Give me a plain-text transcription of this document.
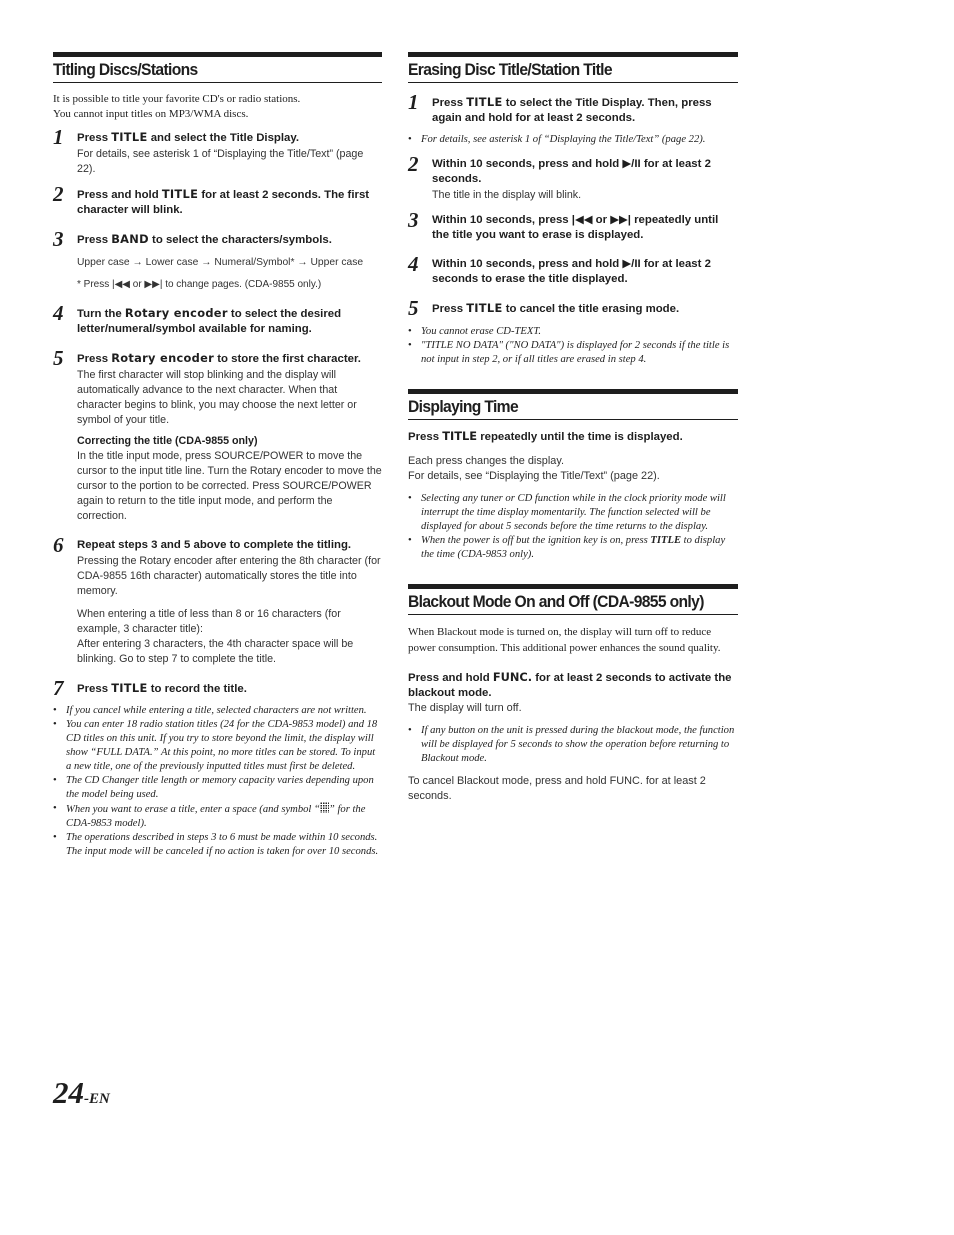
Titling Discs/Stations

It is possible to title your favorite CD's or radio stations.
You cannot input titles on MP3/WMA discs.

1 Press TITLE and select the Title Display.

For details, see asterisk 1 of “Displaying the Title/Text” (page 22).

2 Press and hold TITLE for at least 2 seconds. The first character will blink.
3 Press BAND to select the characters/symbols.

Upper case → Lower case → Numeral/Symbol* → Upper case

* Press |◀◀ or ▶▶| to change pages. (CDA-9855 only.)
4 Turn the Rotary encoder to select the desired letter/numeral/symbol available for naming.
5 Press Rotary encoder to store the first character.

The first character will stop blinking and the display will automatically advance to the next character. When that character begins to blink, you may choose the next letter or symbol of your title.

Correcting the title (CDA-9855 only)

In the title input mode, press SOURCE/POWER to move the cursor to the input title line. Turn the Rotary encoder to move the cursor to the portion to be corrected. Press SOURCE/POWER again to return to the title input mode, and perform the correction.

6 Repeat steps 3 and 5 above to complete the titling.

Pressing the Rotary encoder after entering the 8th character (for CDA-9855 16th character) automatically stores the title into memory.

When entering a title of less than 8 or 16 characters (for example, 3 character title):
After entering 3 characters, the 4th character space will be blinking. Go to step 7 to complete the title.

7 Press TITLE to record the title.
• If you cancel while entering a title, selected characters are not written.
• You can enter 18 radio station titles (24 for the CDA-9853 model) and 18 CD titles on this unit. If you try to store beyond the limit, the display will show “FULL DATA.” At this point, no more titles can be stored. To input a new title, one of the previously inputted titles must first be deleted.
• The CD Changer title length or memory capacity varies depending upon the model being used.
• When you want to erase a title, enter a space (and symbol “ ” for the CDA-9853 model).
• The operations described in steps 3 to 6 must be made within 10 seconds. The input mode will be canceled if no action is taken for over 10 seconds.
Erasing Disc Title/Station Title
1 Press TITLE to select the Title Display. Then, press again and hold for at least 2 seconds.
• For details, see asterisk 1 of “Displaying the Title/Text” (page 22).
2 Within 10 seconds, press and hold ▶/II for at least 2 seconds.

The title in the display will blink.

3 Within 10 seconds, press |◀◀ or ▶▶| repeatedly until the title you want to erase is displayed.
4 Within 10 seconds, press and hold ▶/II for at least 2 seconds to erase the title displayed.
5 Press TITLE to cancel the title erasing mode.
• You cannot erase CD-TEXT.
• "TITLE NO DATA" ("NO DATA") is displayed for 2 seconds if the title is not input in step 2, or if all titles are erased in step 4.
Displaying Time

Press TITLE repeatedly until the time is displayed.

Each press changes the display.
For details, see “Displaying the Title/Text” (page 22).

• Selecting any tuner or CD function while in the clock priority mode will interrupt the time display momentarily. The function selected will be displayed for about 5 seconds before the time returns to the display.
• When the power is off but the ignition key is on, press TITLE to display the time (CDA-9853 only).
Blackout Mode On and Off (CDA-9855 only)

When Blackout mode is turned on, the display will turn off to reduce power consumption. This additional power enhances the sound quality.

Press and hold FUNC. for at least 2 seconds to activate the blackout mode.

The display will turn off.

• If any button on the unit is pressed during the blackout mode, the function will be displayed for 5 seconds to show the operation before returning to Blackout mode.

To cancel Blackout mode, press and hold FUNC. for at least 2 seconds.

24-EN
